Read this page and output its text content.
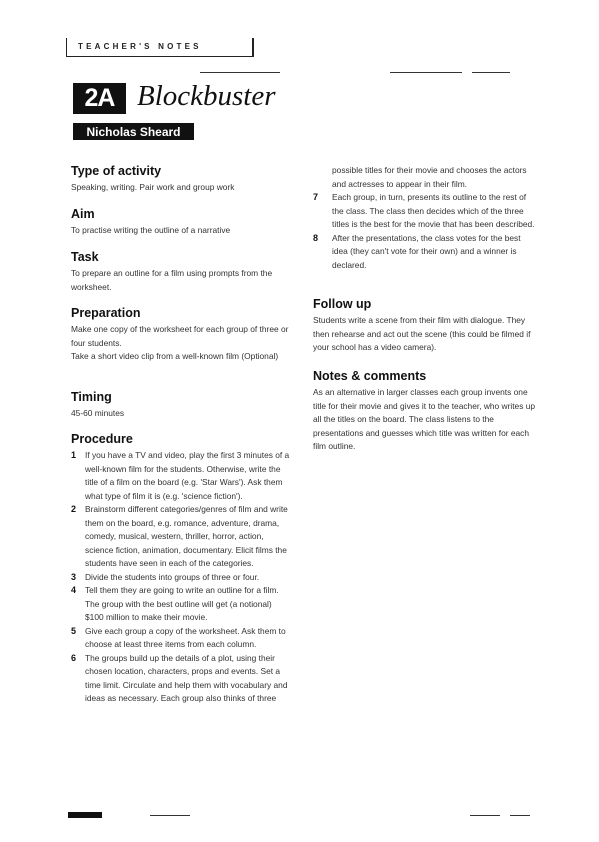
TEACHER'S NOTES
2A Blockbuster
Nicholas Sheard
Type of activity

Speaking, writing. Pair work and group work

Aim

To practise writing the outline of a narrative

Task

To prepare an outline for a film using prompts from the worksheet.

Preparation

Make one copy of the worksheet for each group of three or four students.

Take a short video clip from a well-known film (Optional)

Timing

45-60 minutes

Procedure
1	If you have a TV and video, play the first 3 minutes of a well-known film for the students. Otherwise, write the title of a film on the board (e.g. 'Star Wars'). Ask them what type of film it is (e.g. 'science fiction').
2	Brainstorm different categories/genres of film and write them on the board, e.g. romance, adventure, drama, comedy, musical, western, thriller, horror, action, science fiction, animation, documentary. Elicit films the students have seen in each of the categories.
3	Divide the students into groups of three or four.
4	Tell them they are going to write an outline for a film. The group with the best outline will get (a notional) $100 million to make their movie.
5	Give each group a copy of the worksheet. Ask them to choose at least three items from each column.
6	The groups build up the details of a plot, using their chosen location, characters, props and events. Set a time limit. Circulate and help them with vocabulary and ideas as necessary. Each group also thinks of three

possible titles for their movie and chooses the actors and actresses to appear in their film.

7	Each group, in turn, presents its outline to the rest of the class. The class then decides which of the three titles is the best for the movie that has been described.
8	After the presentations, the class votes for the best idea (they can't vote for their own) and a winner is declared.
Follow up

Students write a scene from their film with dialogue. They then rehearse and act out the scene (this could be filmed if your school has a video camera).

Notes & comments

As an alternative in larger classes each group invents one title for their movie and gives it to the teacher, who writes up all the titles on the board. The class listens to the presentations and guesses which title was written for each film outline.
